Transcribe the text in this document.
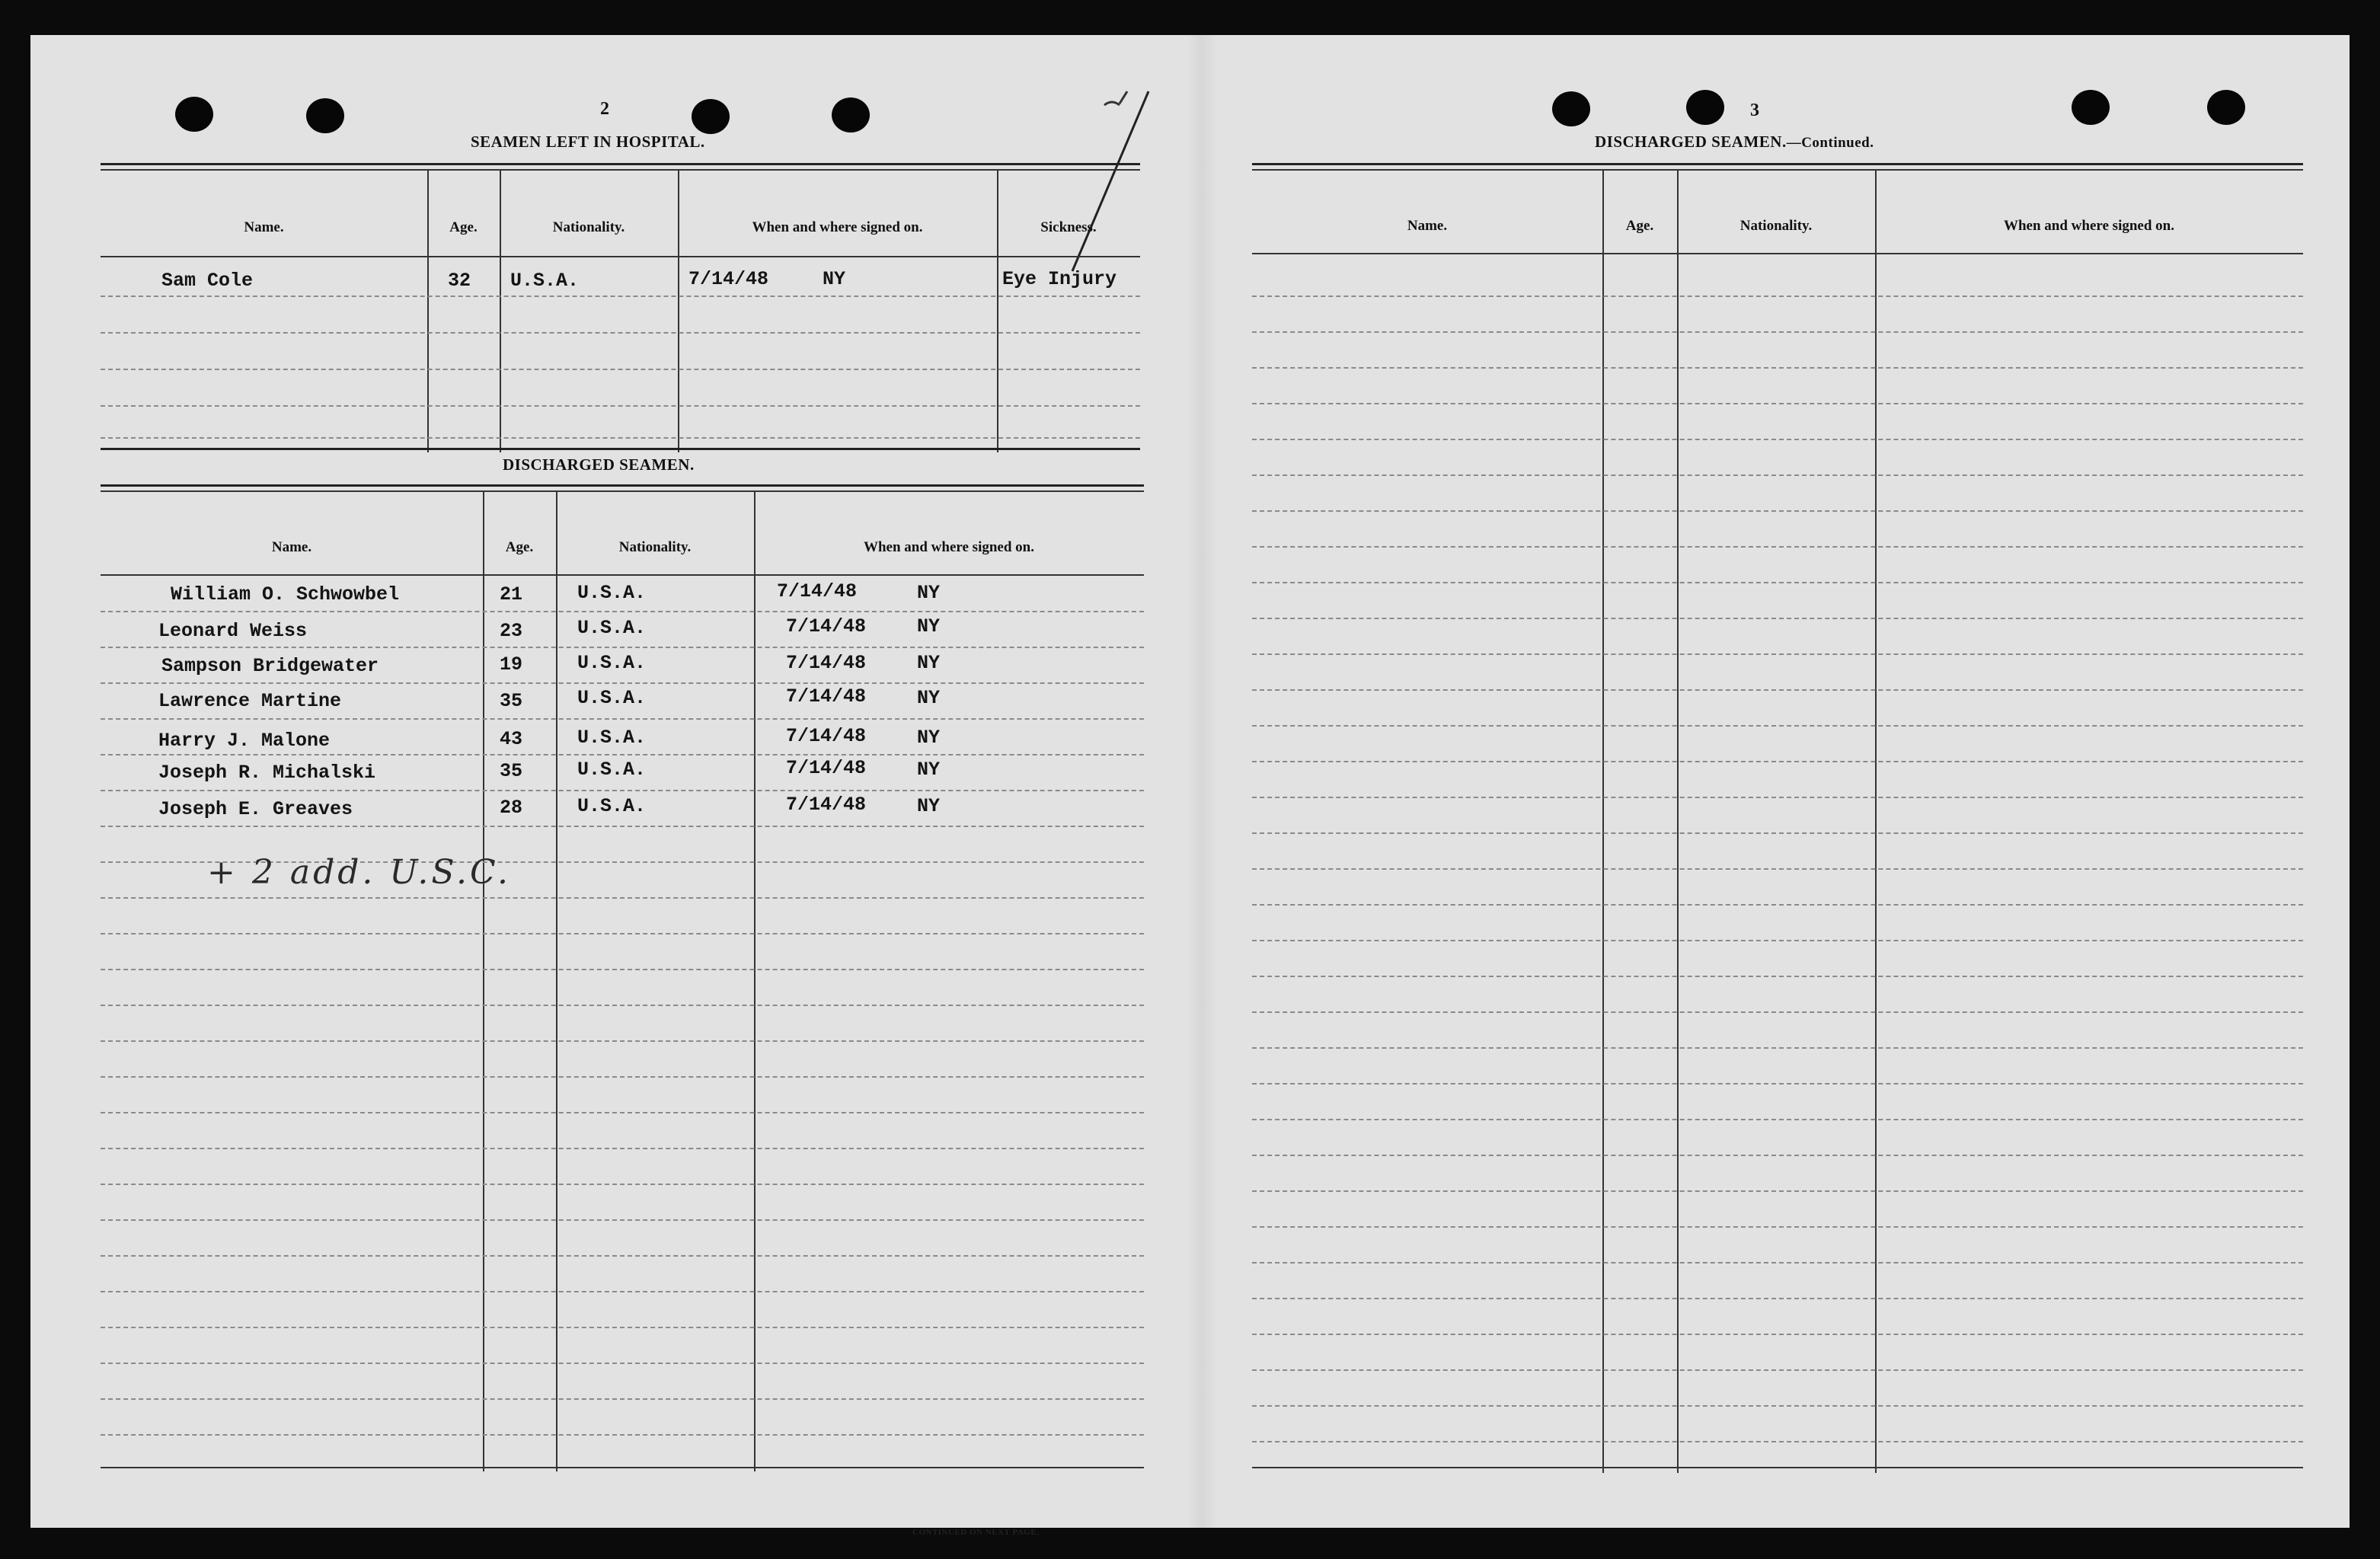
2
SEAMEN LEFT IN HOSPITAL.
Name.	Age.	Nationality.	When and where signed on.	Sickness.
Sam Cole	32 U.S.A.	7/14/48	NY	Eye Injury
DISCHARGED SEAMEN.
Name.	Age.	Nationality.	When and where signed on.
William O. Schwowbel	21	U.S.A.	7/14/48	NY
Leonard Weiss	23	U.S.A.	7/14/48	NY
Sampson Bridgewater	19	U.S.A.	7/14/48	NY
Lawrence Martine	35	U.S.A.	7/14/48	NY
Harry J. Malone	43	U.S.A.	7/14/48	NY
Joseph R. Michalski	35	U.S.A.	7/14/48	NY
Joseph E. Greaves	28	U.S.A.	7/14/48	NY
+ 2 add. U.S.C.
CONTINUED ON NEXT PAGE.
3
DISCHARGED SEAMEN.—Continued.
Name.	Age.	Nationality.	When and where signed on.
